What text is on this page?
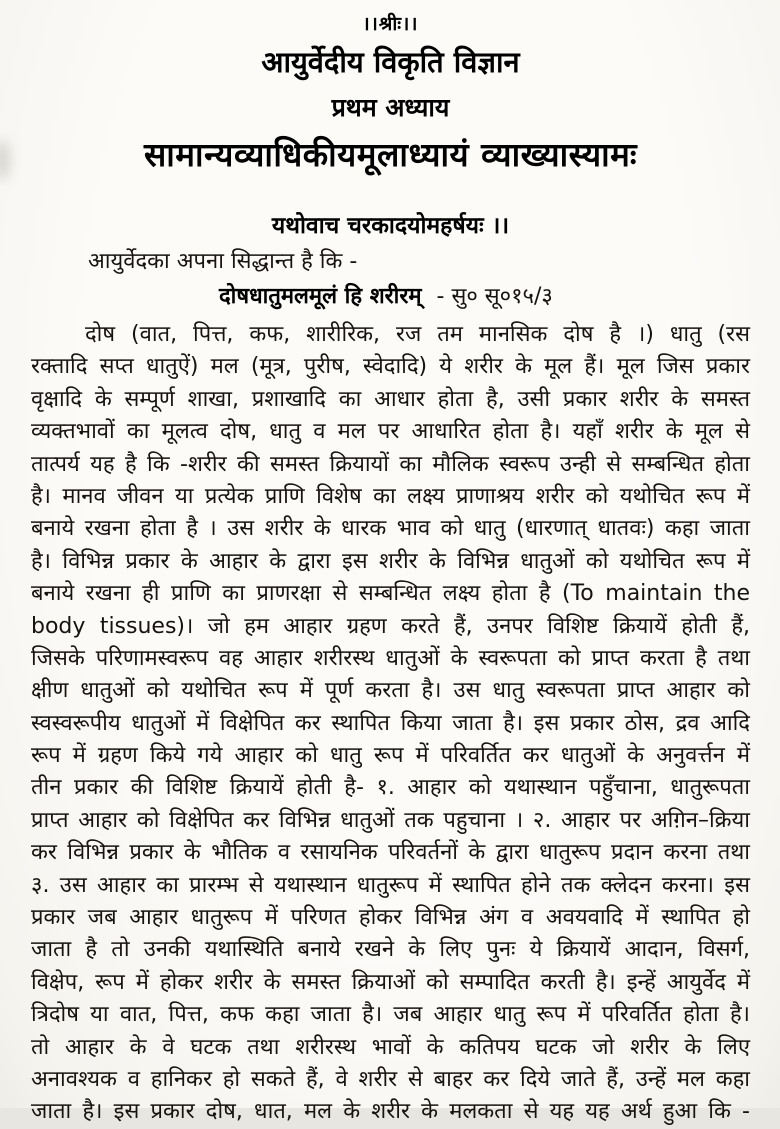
।।श्रीः।।
आयुर्वेदीय विकृति विज्ञान
प्रथम अध्याय
सामान्यव्याधिकीयमूलाध्यायं व्याख्यास्यामः
यथोवाच चरकादयोमहर्षयः ।।
आयुर्वेदका अपना सिद्धान्त है कि -
दोषधातुमलमूलं हि शरीरम् - सु० सू०१५/३
दोष (वात, पित्त, कफ, शारीरिक, रज तम मानसिक दोष है ।) धातु (रस
रक्तादि सप्त धातुऐं) मल (मूत्र, पुरीष, स्वेदादि) ये शरीर के मूल हैं। मूल जिस प्रकार
वृक्षादि के सम्पूर्ण शाखा, प्रशाखादि का आधार होता है, उसी प्रकार शरीर के समस्त
व्यक्तभावों का मूलत्व दोष, धातु व मल पर आधारित होता है। यहाँ शरीर के मूल से
तात्पर्य यह है कि -शरीर की समस्त क्रियायों का मौलिक स्वरूप उन्ही से सम्बन्धित होता
है। मानव जीवन या प्रत्येक प्राणि विशेष का लक्ष्य प्राणाश्रय शरीर को यथोचित रूप में
बनाये रखना होता है । उस शरीर के धारक भाव को धातु (धारणात् धातवः) कहा जाता
है। विभिन्न प्रकार के आहार के द्वारा इस शरीर के विभिन्न धातुओं को यथोचित रूप में
बनाये रखना ही प्राणि का प्राणरक्षा से सम्बन्धित लक्ष्य होता है (To maintain the
body tissues)। जो हम आहार ग्रहण करते हैं, उनपर विशिष्ट क्रियायें होती हैं,
जिसके परिणामस्वरूप वह आहार शरीरस्थ धातुओं के स्वरूपता को प्राप्त करता है तथा
क्षीण धातुओं को यथोचित रूप में पूर्ण करता है। उस धातु स्वरूपता प्राप्त आहार को
स्वस्वरूपीय धातुओं में विक्षेपित कर स्थापित किया जाता है। इस प्रकार ठोस, द्रव आदि
रूप में ग्रहण किये गये आहार को धातु रूप में परिवर्तित कर धातुओं के अनुवर्त्तन में
तीन प्रकार की विशिष्ट क्रियायें होती है- १. आहार को यथास्थान पहुँचाना, धातुरूपता
प्राप्त आहार को विक्षेपित कर विभिन्न धातुओं तक पहुचाना । २. आहार पर अग़िन–क्रिया
कर विभिन्न प्रकार के भौतिक व रसायनिक परिवर्तनों के द्वारा धातुरूप प्रदान करना तथा
३. उस आहार का प्रारम्भ से यथास्थान धातुरूप में स्थापित होने तक क्लेदन करना। इस
प्रकार जब आहार धातुरूप में परिणत होकर विभिन्न अंग व अवयवादि में स्थापित हो
जाता है तो उनकी यथास्थिति बनाये रखने के लिए पुनः ये क्रियायें आदान, विसर्ग,
विक्षेप, रूप में होकर शरीर के समस्त क्रियाओं को सम्पादित करती है। इन्हें आयुर्वेद में
त्रिदोष या वात, पित्त, कफ कहा जाता है। जब आहार धातु रूप में परिवर्तित होता है।
तो आहार के वे घटक तथा शरीरस्थ भावों के कतिपय घटक जो शरीर के लिए
अनावश्यक व हानिकर हो सकते हैं, वे शरीर से बाहर कर दिये जाते हैं, उन्हें मल कहा
जाता है। इस प्रकार दोष, धात, मल के शरीर के मलकता से यह यह अर्थ हुआ कि -
